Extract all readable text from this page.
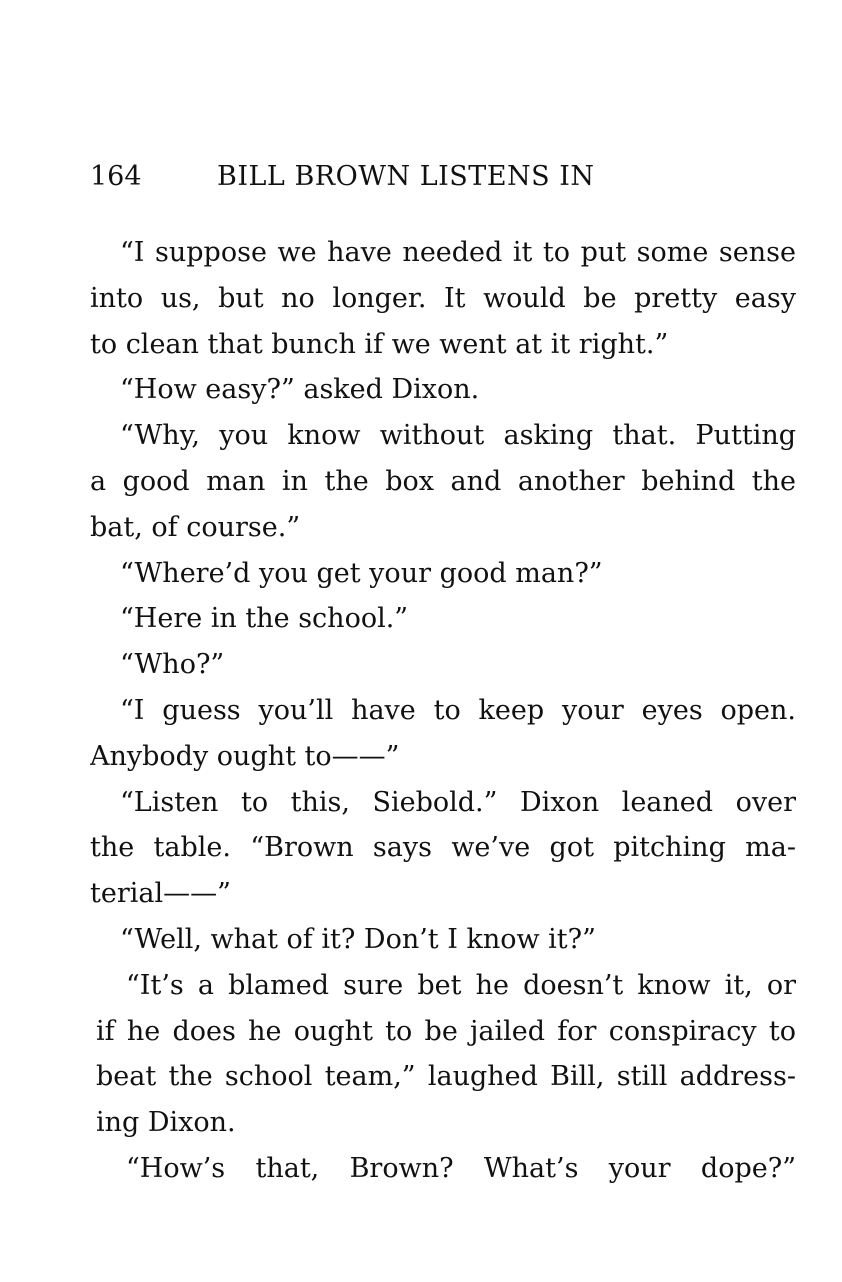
164	BILL BROWN LISTENS IN
“I suppose we have needed it to put some sense
into us, but no longer. It would be pretty easy
to clean that bunch if we went at it right.”
“How easy?” asked Dixon.
“Why, you know without asking that. Putting
a good man in the box and another behind the
bat, of course.”
“Where’d you get your good man?”
“Here in the school.”
“Who?”
“I guess you’ll have to keep your eyes open.
Anybody ought to——”
“Listen to this, Siebold.” Dixon leaned over
the table. “Brown says we’ve got pitching ma-
terial——”
“Well, what of it? Don’t I know it?”
“It’s a blamed sure bet he doesn’t know it, or
if he does he ought to be jailed for conspiracy to
beat the school team,” laughed Bill, still address-
ing Dixon.
“How’s that, Brown? What’s your dope?”
